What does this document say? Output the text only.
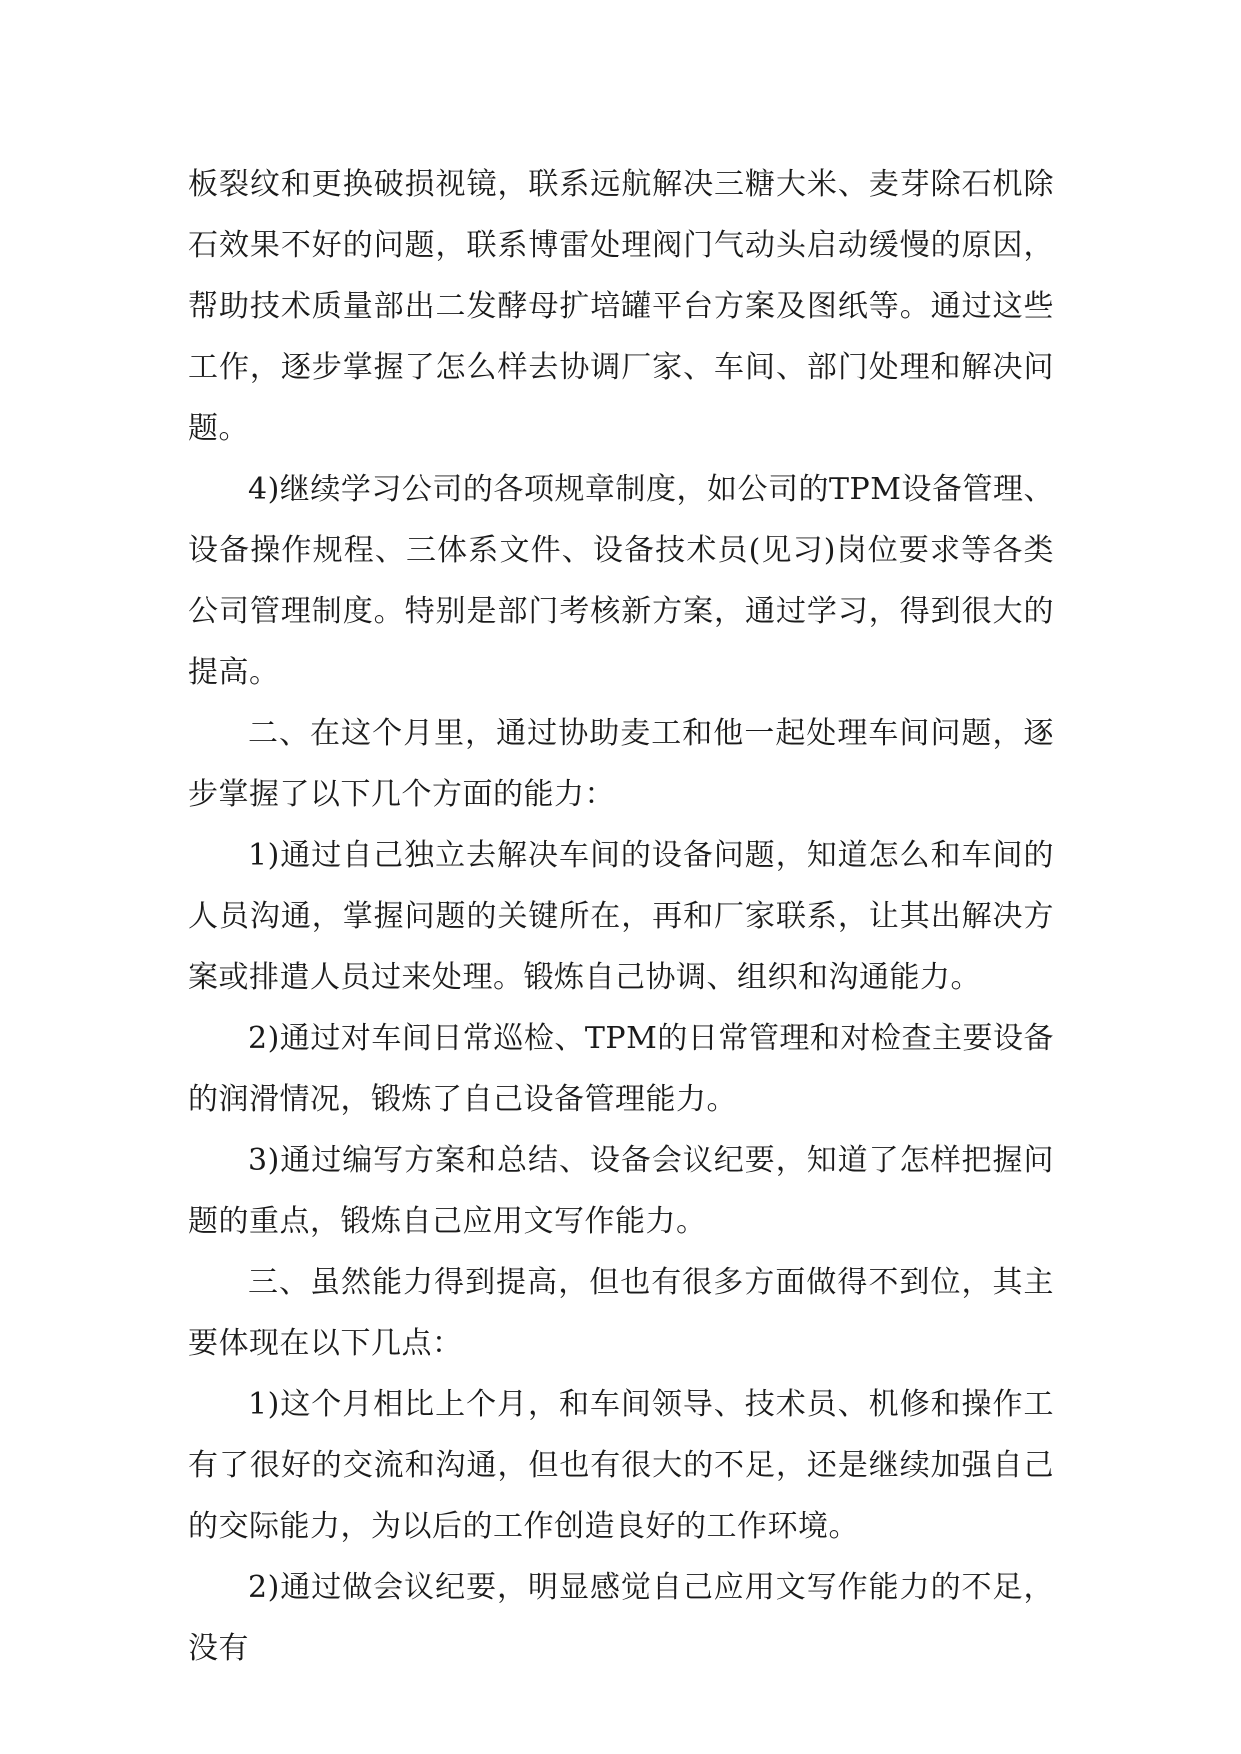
板裂纹和更换破损视镜，联系远航解决三糖大米、麦芽除石机除石效果不好的问题，联系博雷处理阀门气动头启动缓慢的原因，帮助技术质量部出二发酵母扩培罐平台方案及图纸等。通过这些工作，逐步掌握了怎么样去协调厂家、车间、部门处理和解决问题。

4)继续学习公司的各项规章制度，如公司的TPM设备管理、设备操作规程、三体系文件、设备技术员(见习)岗位要求等各类公司管理制度。特别是部门考核新方案，通过学习，得到很大的提高。

二、在这个月里，通过协助麦工和他一起处理车间问题，逐步掌握了以下几个方面的能力：

1)通过自己独立去解决车间的设备问题，知道怎么和车间的人员沟通，掌握问题的关键所在，再和厂家联系，让其出解决方案或排遣人员过来处理。锻炼自己协调、组织和沟通能力。

2)通过对车间日常巡检、TPM的日常管理和对检查主要设备的润滑情况，锻炼了自己设备管理能力。

3)通过编写方案和总结、设备会议纪要，知道了怎样把握问题的重点，锻炼自己应用文写作能力。

三、虽然能力得到提高，但也有很多方面做得不到位，其主要体现在以下几点：

1)这个月相比上个月，和车间领导、技术员、机修和操作工有了很好的交流和沟通，但也有很大的不足，还是继续加强自己的交际能力，为以后的工作创造良好的工作环境。

2)通过做会议纪要，明显感觉自己应用文写作能力的不足，没有
